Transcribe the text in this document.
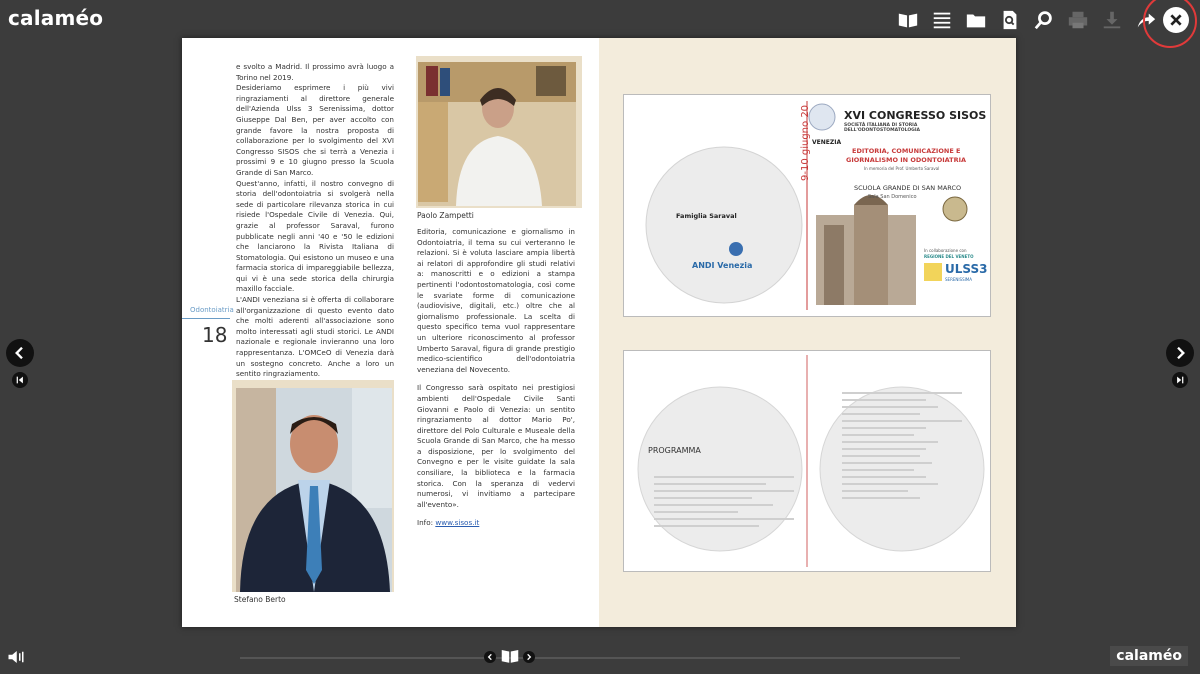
calaméo
Odontoiatria
18

e svolto a Madrid. Il prossimo avrà luogo a Torino nel 2019.

Desideriamo esprimere i più vivi ringraziamenti al direttore generale dell'Azienda Ulss 3 Serenissima, dottor Giuseppe Dal Ben, per aver accolto con grande favore la nostra proposta di collaborazione per lo svolgimento del XVI Congresso SISOS che si terrà a Venezia i prossimi 9 e 10 giugno presso la Scuola Grande di San Marco.

Quest'anno, infatti, il nostro convegno di storia dell'odontoiatria si svolgerà nella sede di particolare rilevanza storica in cui risiede l'Ospedale Civile di Venezia. Qui, grazie al professor Saraval, furono pubblicate negli anni '40 e '50 le edizioni che lanciarono la Rivista Italiana di Stomatologia. Qui esistono un museo e una farmacia storica di impareggiabile bellezza, qui vi è una sede storica della chirurgia maxillo facciale.

L'ANDI veneziana si è offerta di collaborare all'organizzazione di questo evento dato che molti aderenti all'associazione sono molto interessati agli studi storici. Le ANDI nazionale e regionale invieranno una loro rappresentanza. L'OMCeO di Venezia darà un sostegno concreto. Anche a loro un sentito ringraziamento.

Paolo Zampetti

Editoria, comunicazione e giornalismo in Odontoiatria, il tema su cui verteranno le relazioni. Si è voluta lasciare ampia libertà ai relatori di approfondire gli studi relativi a: manoscritti e o edizioni a stampa pertinenti l'odontostomatologia, così come le svariate forme di comunicazione (audiovisive, digitali, etc.) oltre che al giornalismo professionale. La scelta di questo specifico tema vuol rappresentare un ulteriore riconoscimento al professor Umberto Saraval, figura di grande prestigio medico-scientifico dell'odontoiatria veneziana del Novecento.

Il Congresso sarà ospitato nei prestigiosi ambienti dell'Ospedale Civile Santi Giovanni e Paolo di Venezia: un sentito ringraziamento al dottor Mario Po', direttore del Polo Culturale e Museale della Scuola Grande di San Marco, che ha messo a disposizione, per lo svolgimento del Convegno e per le visite guidate la sala consiliare, la biblioteca e la farmacia storica. Con la speranza di vedervi numerosi, vi invitiamo a partecipare all'evento».

Info: www.sisos.it

Stefano Berto
XVI CONGRESSO SISOS
SOCIETÀ ITALIANA DI STORIA DELL'ODONTOSTOMATOLOGIA
VENEZIA
9-10 giugno 20	EDITORIA, COMUNICAZIONE E
GIORNALISMO IN ODONTOIATRIA
In memoria del Prof. Umberto Saraval
SCUOLA GRANDE DI SAN MARCO
Sala San Domenico
In collaborazione con
REGIONE DEL VENETO
ULSS3
SERENISSIMA
Famiglia Saraval
ANDI Venezia
PROGRAMMA
calaméo
